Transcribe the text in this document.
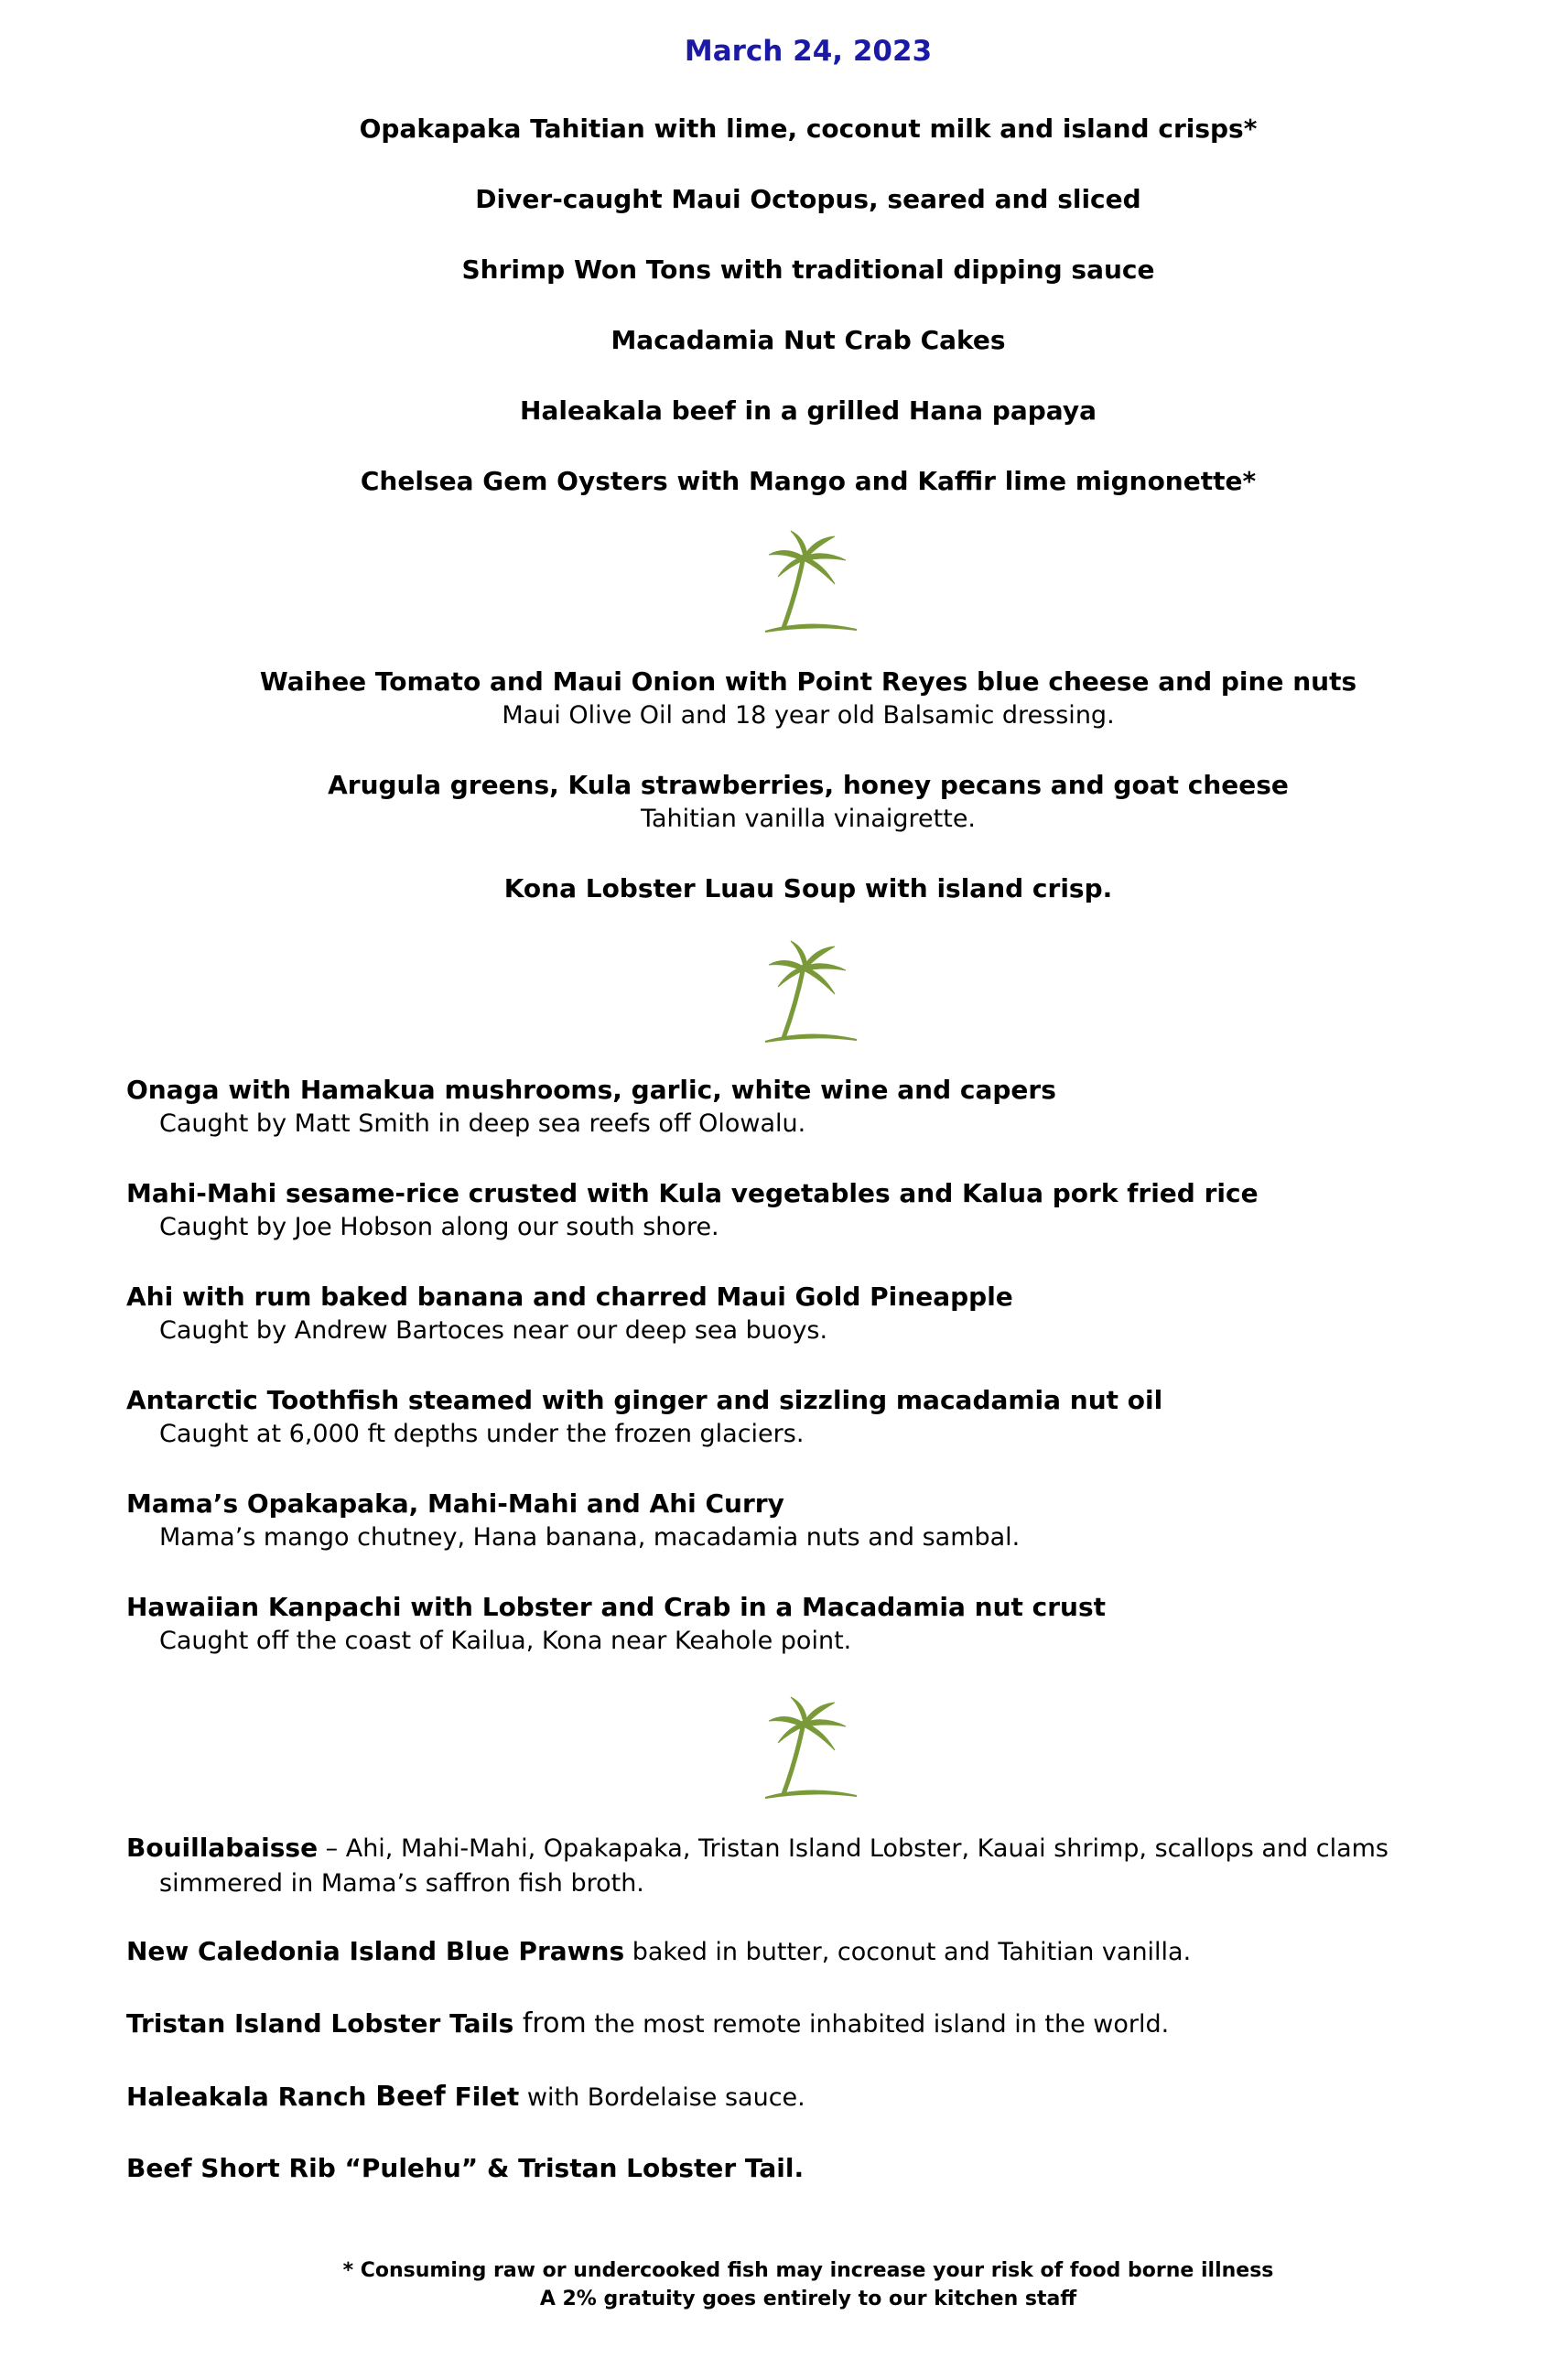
March 24, 2023
Opakapaka Tahitian with lime, coconut milk and island crisps*
Diver-caught Maui Octopus, seared and sliced
Shrimp Won Tons with traditional dipping sauce
Macadamia Nut Crab Cakes
Haleakala beef in a grilled Hana papaya
Chelsea Gem Oysters with Mango and Kaffir lime mignonette*
Waihee Tomato and Maui Onion with Point Reyes blue cheese and pine nuts
Maui Olive Oil and 18 year old Balsamic dressing.
Arugula greens, Kula strawberries, honey pecans and goat cheese
Tahitian vanilla vinaigrette.
Kona Lobster Luau Soup with island crisp.
Onaga with Hamakua mushrooms, garlic, white wine and capers
Caught by Matt Smith in deep sea reefs off Olowalu.
Mahi-Mahi sesame-rice crusted with Kula vegetables and Kalua pork fried rice
Caught by Joe Hobson along our south shore.
Ahi with rum baked banana and charred Maui Gold Pineapple
Caught by Andrew Bartoces near our deep sea buoys.
Antarctic Toothfish steamed with ginger and sizzling macadamia nut oil
Caught at 6,000 ft depths under the frozen glaciers.
Mama’s Opakapaka, Mahi-Mahi and Ahi Curry
Mama’s mango chutney, Hana banana, macadamia nuts and sambal.
Hawaiian Kanpachi with Lobster and Crab in a Macadamia nut crust
Caught off the coast of Kailua, Kona near Keahole point.
Bouillabaisse – Ahi, Mahi-Mahi, Opakapaka, Tristan Island Lobster, Kauai shrimp, scallops and clams
simmered in Mama’s saffron fish broth.
New Caledonia Island Blue Prawns baked in butter, coconut and Tahitian vanilla.
Tristan Island Lobster Tails from the most remote inhabited island in the world.
Haleakala Ranch Beef Filet with Bordelaise sauce.
Beef Short Rib “Pulehu” & Tristan Lobster Tail.
* Consuming raw or undercooked fish may increase your risk of food borne illness
A 2% gratuity goes entirely to our kitchen staff
